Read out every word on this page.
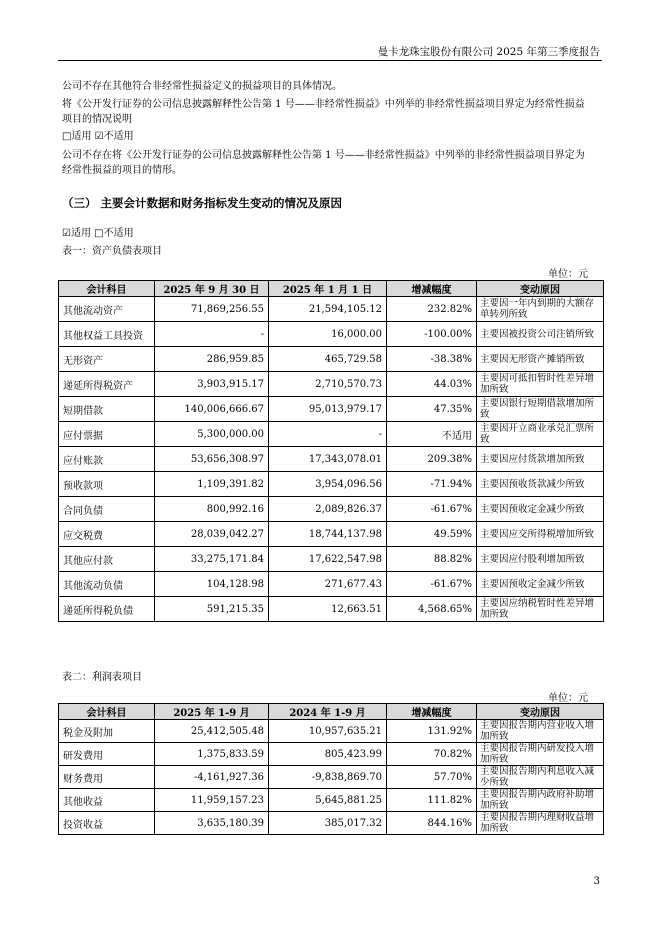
曼卡龙珠宝股份有限公司 2025 年第三季度报告
公司不存在其他符合非经常性损益定义的损益项目的具体情况。
将《公开发行证券的公司信息披露解释性公告第 1 号——非经常性损益》中列举的非经常性损益项目界定为经常性损益
项目的情况说明
□适用 ☑不适用
公司不存在将《公开发行证券的公司信息披露解释性公告第 1 号——非经常性损益》中列举的非经常性损益项目界定为
经常性损益的项目的情形。
（三） 主要会计数据和财务指标发生变动的情况及原因
☑适用 □不适用
表一：资产负债表项目
单位：元
会计科目	2025 年 9 月 30 日	2025 年 1 月 1 日	增减幅度	变动原因
其他流动资产	71,869,256.55	21,594,105.12	232.82%	主要因一年内到期的大额存单转列所致
其他权益工具投资	-	16,000.00	-100.00%	主要因被投资公司注销所致
无形资产	286,959.85	465,729.58	-38.38%	主要因无形资产摊销所致
递延所得税资产	3,903,915.17	2,710,570.73	44.03%	主要因可抵扣暂时性差异增加所致
短期借款	140,006,666.67	95,013,979.17	47.35%	主要因银行短期借款增加所致
应付票据	5,300,000.00	-	不适用	主要因开立商业承兑汇票所致
应付账款	53,656,308.97	17,343,078.01	209.38%	主要因应付货款增加所致
预收款项	1,109,391.82	3,954,096.56	-71.94%	主要因预收货款减少所致
合同负债	800,992.16	2,089,826.37	-61.67%	主要因预收定金减少所致
应交税费	28,039,042.27	18,744,137.98	49.59%	主要因应交所得税增加所致
其他应付款	33,275,171.84	17,622,547.98	88.82%	主要因应付股利增加所致
其他流动负债	104,128.98	271,677.43	-61.67%	主要因预收定金减少所致
递延所得税负债	591,215.35	12,663.51	4,568.65%	主要因应纳税暂时性差异增加所致
表二：利润表项目
单位：元
会计科目	2025 年 1-9 月	2024 年 1-9 月	增减幅度	变动原因
税金及附加	25,412,505.48	10,957,635.21	131.92%	主要因报告期内营业收入增加所致
研发费用	1,375,833.59	805,423.99	70.82%	主要因报告期内研发投入增加所致
财务费用	-4,161,927.36	-9,838,869.70	57.70%	主要因报告期内利息收入减少所致
其他收益	11,959,157.23	5,645,881.25	111.82%	主要因报告期内政府补助增加所致
投资收益	3,635,180.39	385,017.32	844.16%	主要因报告期内理财收益增加所致
3
